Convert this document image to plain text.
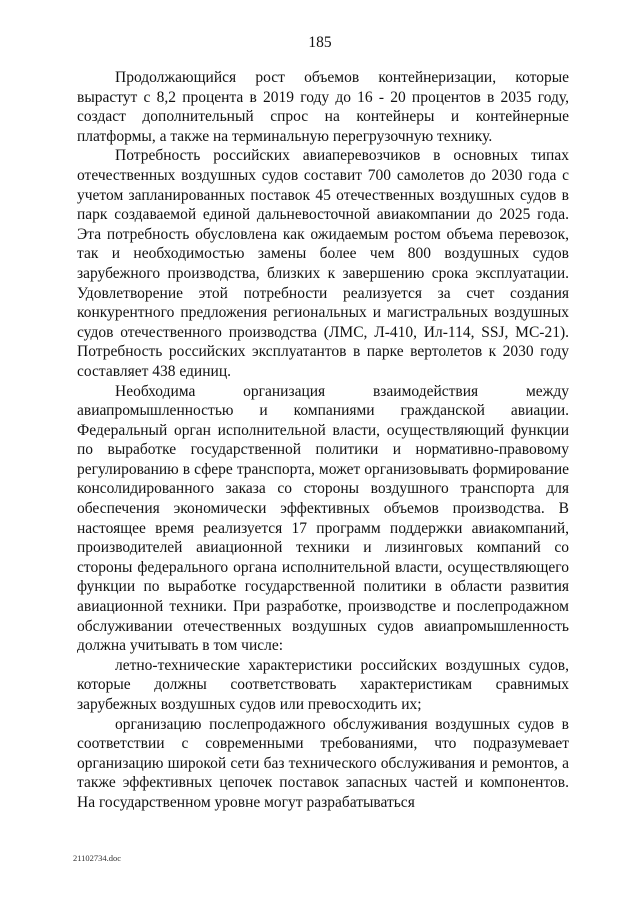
185

Продолжающийся рост объемов контейнеризации, которые вырастут с 8,2 процента в 2019 году до 16 - 20 процентов в 2035 году, создаст дополнительный спрос на контейнеры и контейнерные платформы, а также на терминальную перегрузочную технику.

Потребность российских авиаперевозчиков в основных типах отечественных воздушных судов составит 700 самолетов до 2030 года с учетом запланированных поставок 45 отечественных воздушных судов в парк создаваемой единой дальневосточной авиакомпании до 2025 года. Эта потребность обусловлена как ожидаемым ростом объема перевозок, так и необходимостью замены более чем 800 воздушных судов зарубежного производства, близких к завершению срока эксплуатации. Удовлетворение этой потребности реализуется за счет создания конкурентного предложения региональных и магистральных воздушных судов отечественного производства (ЛМС, Л-410, Ил-114, SSJ, МС-21). Потребность российских эксплуатантов в парке вертолетов к 2030 году составляет 438 единиц.

Необходима организация взаимодействия между авиапромышленностью и компаниями гражданской авиации. Федеральный орган исполнительной власти, осуществляющий функции по выработке государственной политики и нормативно-правовому регулированию в сфере транспорта, может организовывать формирование консолидированного заказа со стороны воздушного транспорта для обеспечения экономически эффективных объемов производства. В настоящее время реализуется 17 программ поддержки авиакомпаний, производителей авиационной техники и лизинговых компаний со стороны федерального органа исполнительной власти, осуществляющего функции по выработке государственной политики в области развития авиационной техники. При разработке, производстве и послепродажном обслуживании отечественных воздушных судов авиапромышленность должна учитывать в том числе:

летно-технические характеристики российских воздушных судов, которые должны соответствовать характеристикам сравнимых зарубежных воздушных судов или превосходить их;

организацию послепродажного обслуживания воздушных судов в соответствии с современными требованиями, что подразумевает организацию широкой сети баз технического обслуживания и ремонтов, а также эффективных цепочек поставок запасных частей и компонентов. На государственном уровне могут разрабатываться

21102734.doc
